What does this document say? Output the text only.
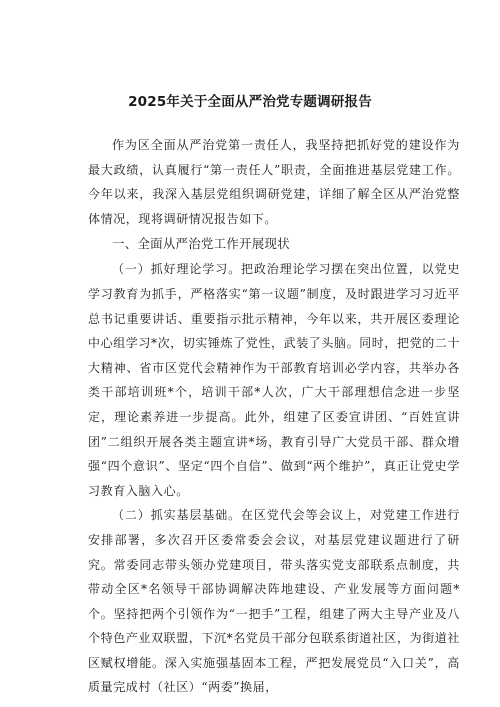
2025年关于全面从严治党专题调研报告

作为区全面从严治党第一责任人，我坚持把抓好党的建设作为最大政绩，认真履行“第一责任人”职责，全面推进基层党建工作。今年以来，我深入基层党组织调研党建，详细了解全区从严治党整体情况，现将调研情况报告如下。

一、全面从严治党工作开展现状

（一）抓好理论学习。把政治理论学习摆在突出位置，以党史学习教育为抓手，严格落实“第一议题”制度，及时跟进学习习近平总书记重要讲话、重要指示批示精神，今年以来，共开展区委理论中心组学习*次，切实锤炼了党性，武装了头脑。同时，把党的二十大精神、省市区党代会精神作为干部教育培训必学内容，共举办各类干部培训班*个，培训干部*人次，广大干部理想信念进一步坚定，理论素养进一步提高。此外，组建了区委宣讲团、“百姓宣讲团”二组织开展各类主题宣讲*场，教育引导广大党员干部、群众增强“四个意识”、坚定“四个自信”、做到“两个维护”，真正让党史学习教育入脑入心。

（二）抓实基层基础。在区党代会等会议上，对党建工作进行安排部署，多次召开区委常委会会议，对基层党建议题进行了研究。常委同志带头领办党建项目，带头落实党支部联系点制度，共带动全区*名领导干部协调解决阵地建设、产业发展等方面问题*个。坚持把两个引领作为“一把手”工程，组建了两大主导产业及八个特色产业双联盟，下沉*名党员干部分包联系街道社区，为街道社区赋权增能。深入实施强基固本工程，严把发展党员“入口关”，高质量完成村（社区）“两委”换届，
